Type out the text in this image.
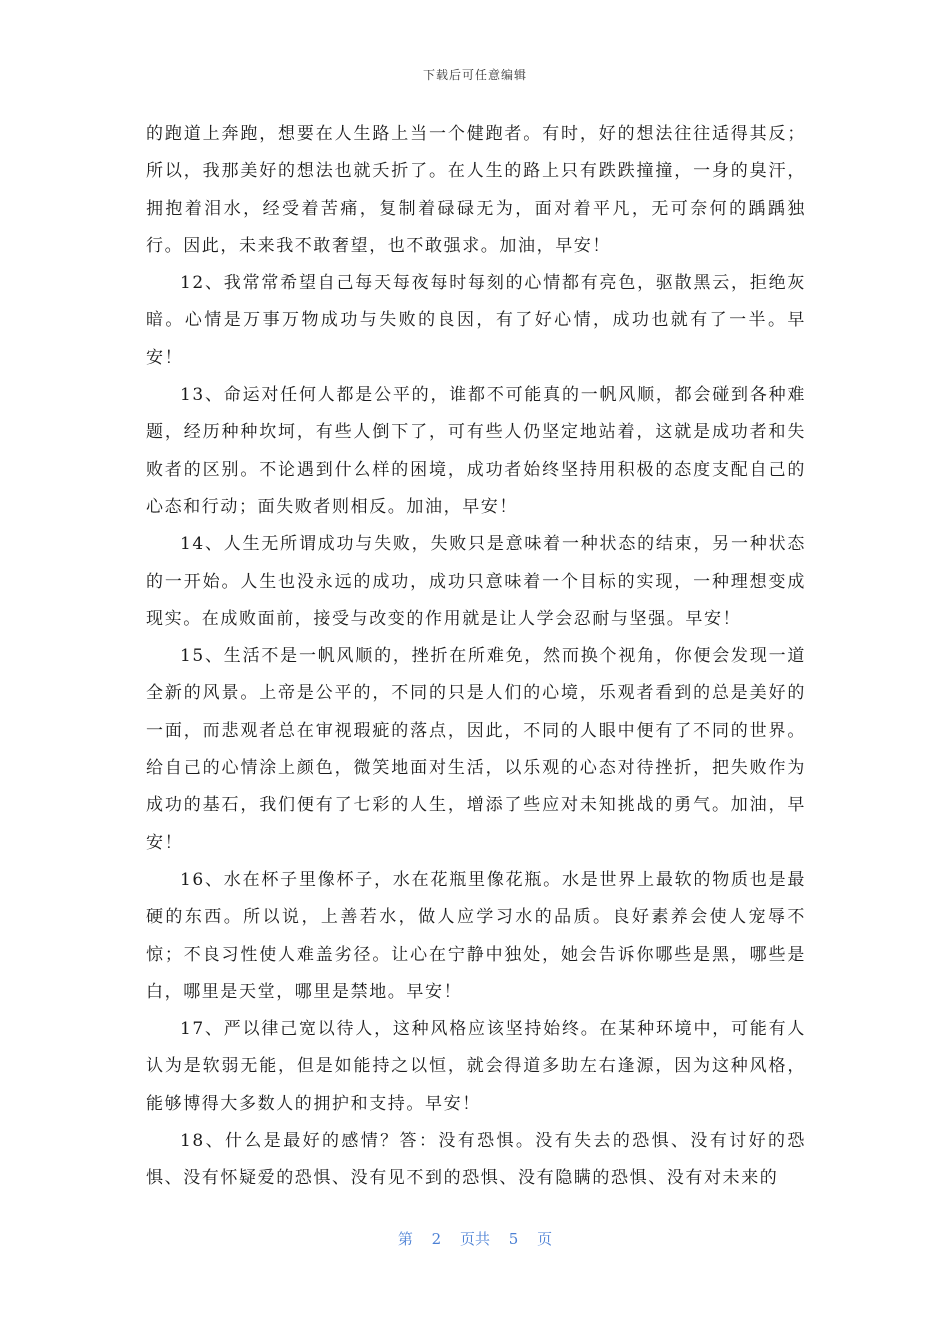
下载后可任意编辑

的跑道上奔跑，想要在人生路上当一个健跑者。有时，好的想法往往适得其反；所以，我那美好的想法也就夭折了。在人生的路上只有跌跌撞撞，一身的臭汗，拥抱着泪水，经受着苦痛，复制着碌碌无为，面对着平凡，无可奈何的踽踽独行。因此，未来我不敢奢望，也不敢强求。加油，早安！

12、我常常希望自己每天每夜每时每刻的心情都有亮色，驱散黑云，拒绝灰暗。心情是万事万物成功与失败的良因，有了好心情，成功也就有了一半。早安！

13、命运对任何人都是公平的，谁都不可能真的一帆风顺，都会碰到各种难题，经历种种坎坷，有些人倒下了，可有些人仍坚定地站着，这就是成功者和失败者的区别。不论遇到什么样的困境，成功者始终坚持用积极的态度支配自己的心态和行动；面失败者则相反。加油，早安！

14、人生无所谓成功与失败，失败只是意味着一种状态的结束，另一种状态的一开始。人生也没永远的成功，成功只意味着一个目标的实现，一种理想变成现实。在成败面前，接受与改变的作用就是让人学会忍耐与坚强。早安！

15、生活不是一帆风顺的，挫折在所难免，然而换个视角，你便会发现一道全新的风景。上帝是公平的，不同的只是人们的心境，乐观者看到的总是美好的一面，而悲观者总在审视瑕疵的落点，因此，不同的人眼中便有了不同的世界。给自己的心情涂上颜色，微笑地面对生活，以乐观的心态对待挫折，把失败作为成功的基石，我们便有了七彩的人生，增添了些应对未知挑战的勇气。加油，早安！

16、水在杯子里像杯子，水在花瓶里像花瓶。水是世界上最软的物质也是最硬的东西。所以说，上善若水，做人应学习水的品质。良好素养会使人宠辱不惊；不良习性使人难盖劣径。让心在宁静中独处，她会告诉你哪些是黑，哪些是白，哪里是天堂，哪里是禁地。早安！

17、严以律己宽以待人，这种风格应该坚持始终。在某种环境中，可能有人认为是软弱无能，但是如能持之以恒，就会得道多助左右逢源，因为这种风格，能够博得大多数人的拥护和支持。早安！

18、什么是最好的感情？答：没有恐惧。没有失去的恐惧、没有讨好的恐惧、没有怀疑爱的恐惧、没有见不到的恐惧、没有隐瞒的恐惧、没有对未来的

第 2 页共 5 页
